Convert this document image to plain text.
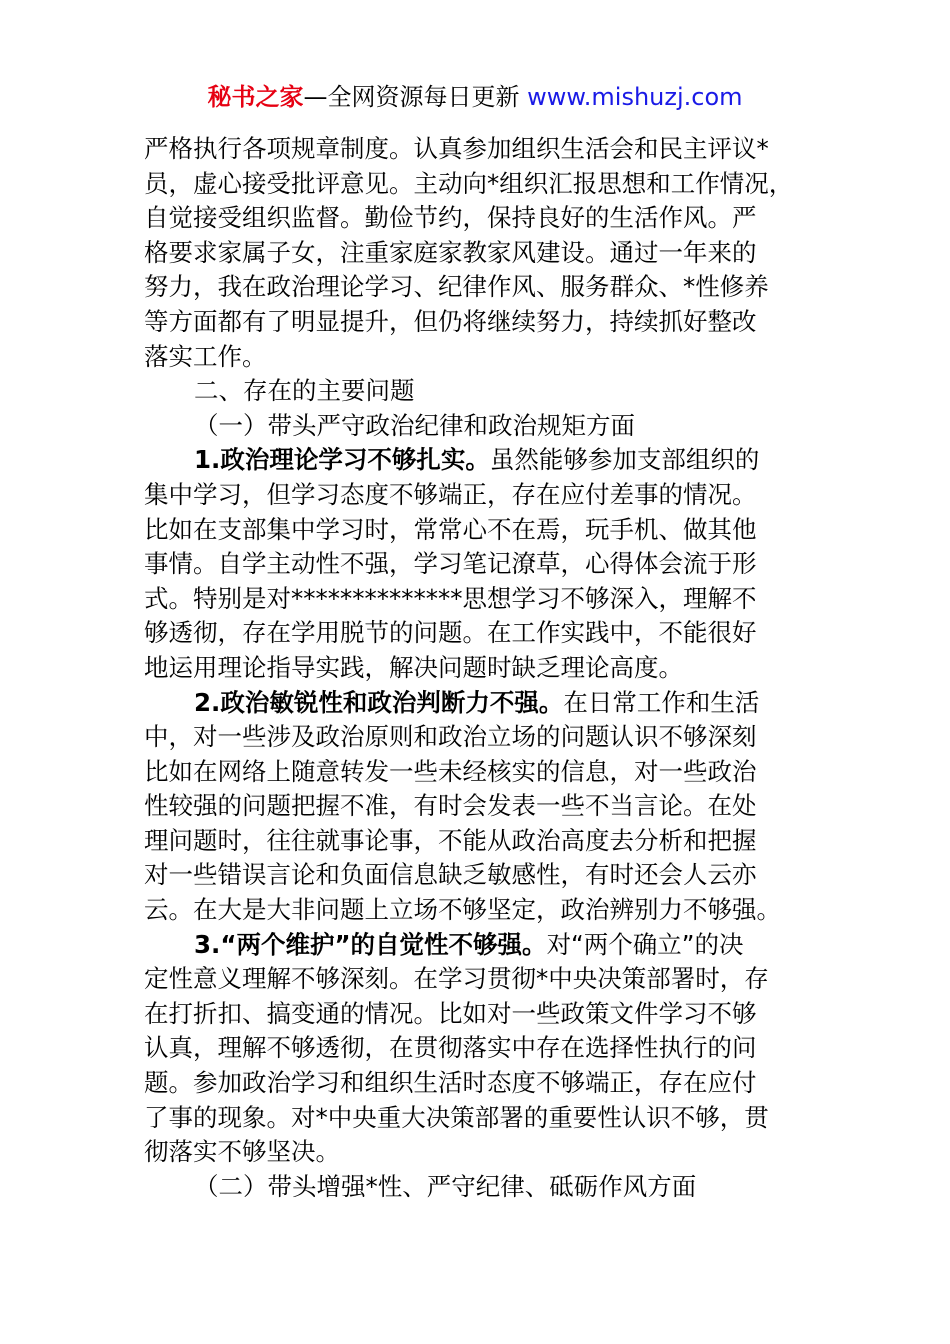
秘书之家—全网资源每日更新 www.mishuzj.com
严格执行各项规章制度。认真参加组织生活会和民主评议*
员，虚心接受批评意见。主动向*组织汇报思想和工作情况，
自觉接受组织监督。勤俭节约，保持良好的生活作风。严
格要求家属子女，注重家庭家教家风建设。通过一年来的
努力，我在政治理论学习、纪律作风、服务群众、*性修养
等方面都有了明显提升，但仍将继续努力，持续抓好整改
落实工作。
二、存在的主要问题
（一）带头严守政治纪律和政治规矩方面
1.政治理论学习不够扎实。虽然能够参加支部组织的
集中学习，但学习态度不够端正，存在应付差事的情况。
比如在支部集中学习时，常常心不在焉，玩手机、做其他
事情。自学主动性不强，学习笔记潦草，心得体会流于形
式。特别是对**************思想学习不够深入，理解不
够透彻，存在学用脱节的问题。在工作实践中，不能很好
地运用理论指导实践，解决问题时缺乏理论高度。
2.政治敏锐性和政治判断力不强。在日常工作和生活
中，对一些涉及政治原则和政治立场的问题认识不够深刻
比如在网络上随意转发一些未经核实的信息，对一些政治
性较强的问题把握不准，有时会发表一些不当言论。在处
理问题时，往往就事论事，不能从政治高度去分析和把握
对一些错误言论和负面信息缺乏敏感性，有时还会人云亦
云。在大是大非问题上立场不够坚定，政治辨别力不够强。
3.“两个维护”的自觉性不够强。对“两个确立”的决
定性意义理解不够深刻。在学习贯彻*中央决策部署时，存
在打折扣、搞变通的情况。比如对一些政策文件学习不够
认真，理解不够透彻，在贯彻落实中存在选择性执行的问
题。参加政治学习和组织生活时态度不够端正，存在应付
了事的现象。对*中央重大决策部署的重要性认识不够，贯
彻落实不够坚决。
（二）带头增强*性、严守纪律、砥砺作风方面
